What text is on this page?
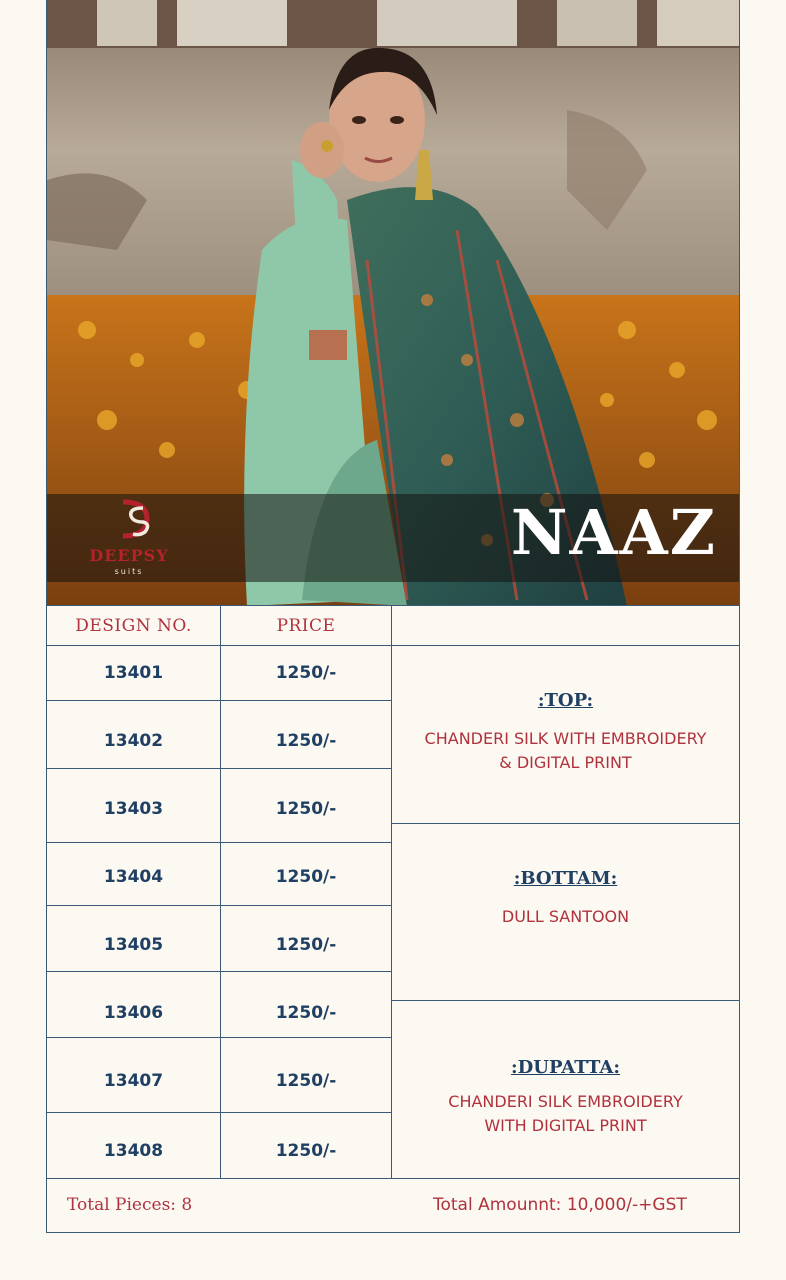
DEEPSY
suits
NAAZ
DESIGN NO.	PRICE
13401	1250/-
13402	1250/-
13403	1250/-
13404	1250/-
13405	1250/-
13406	1250/-
13407	1250/-
13408	1250/-
:TOP:
CHANDERI SILK WITH EMBROIDERY
& DIGITAL PRINT
:BOTTAM:
DULL SANTOON
:DUPATTA:
CHANDERI SILK EMBROIDERY
WITH DIGITAL PRINT
Total Pieces: 8	Total Amounnt: 10,000/-+GST
